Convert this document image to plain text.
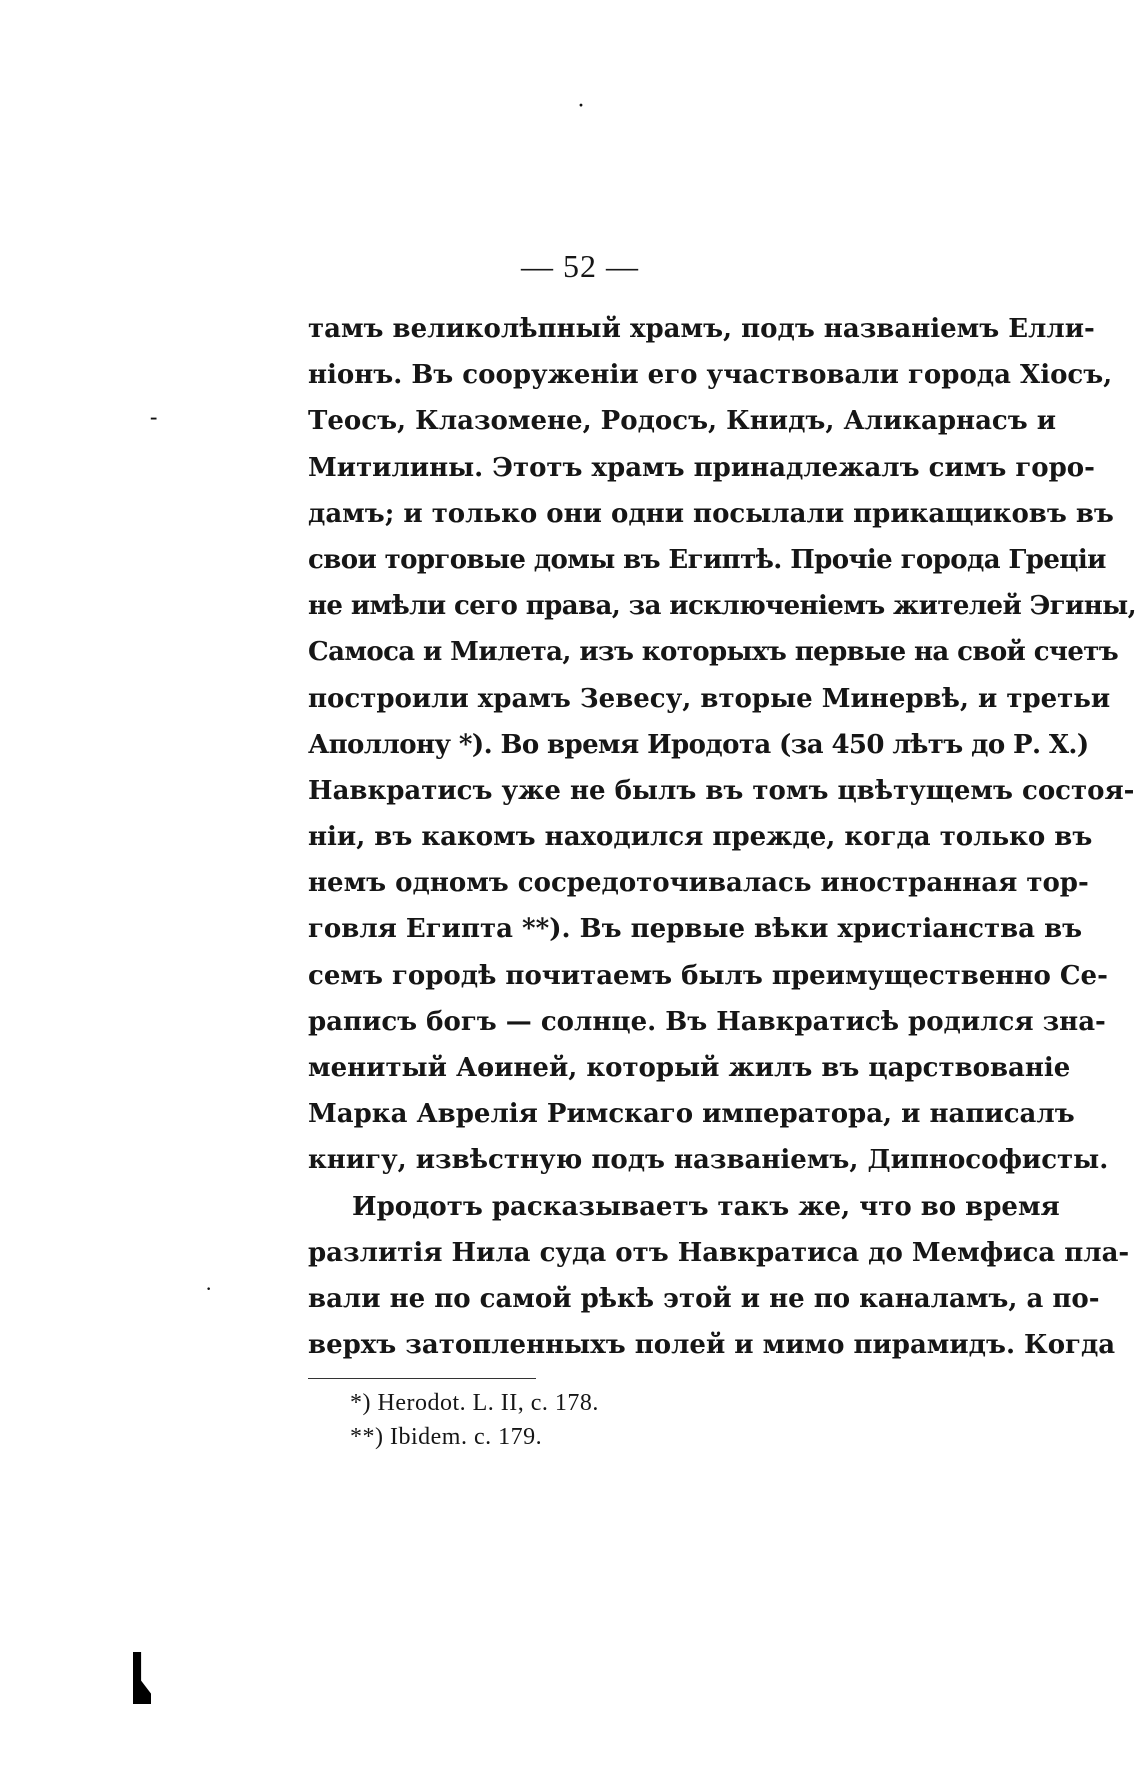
·
-
·
— 52 —
тамъ великолѣпный храмъ, подъ названіемъ Елли-
ніонъ. Въ сооруженіи его участвовали города Хіосъ,
Теосъ, Клазомене, Родосъ, Книдъ, Аликарнасъ и
Митилины. Этотъ храмъ принадлежалъ симъ горо-
дамъ; и только они одни посылали прикащиковъ въ
свои торговые домы въ Египтѣ. Прочіе города Греціи
не имѣли сего права, за исключеніемъ жителей Эгины,
Самоса и Милета, изъ которыхъ первые на свой счетъ
построили храмъ Зевесу, вторые Минервѣ, и третьи
Аполлону *). Во время Иродота (за 450 лѣтъ до Р. Х.)
Навкратисъ уже не былъ въ томъ цвѣтущемъ состоя-
ніи, въ какомъ находился прежде, когда только въ
немъ одномъ сосредоточивалась иностранная тор-
говля Египта **). Въ первые вѣки христіанства въ
семъ городѣ почитаемъ былъ преимущественно Се-
раписъ богъ — солнце. Въ Навкратисѣ родился зна-
менитый Аѳиней, который жилъ въ царствованіе
Марка Аврелія Римскаго императора, и написалъ
книгу, извѣстную подъ названіемъ, Дипнософисты.
Иродотъ расказываетъ такъ же, что во время
разлитія Нила суда отъ Навкратиса до Мемфиса пла-
вали не по самой рѣкѣ этой и не по каналамъ, а по-
верхъ затопленныхъ полей и мимо пирамидъ. Когда
*) Herodot. L. II, c. 178.
**) Ibidem. c. 179.
